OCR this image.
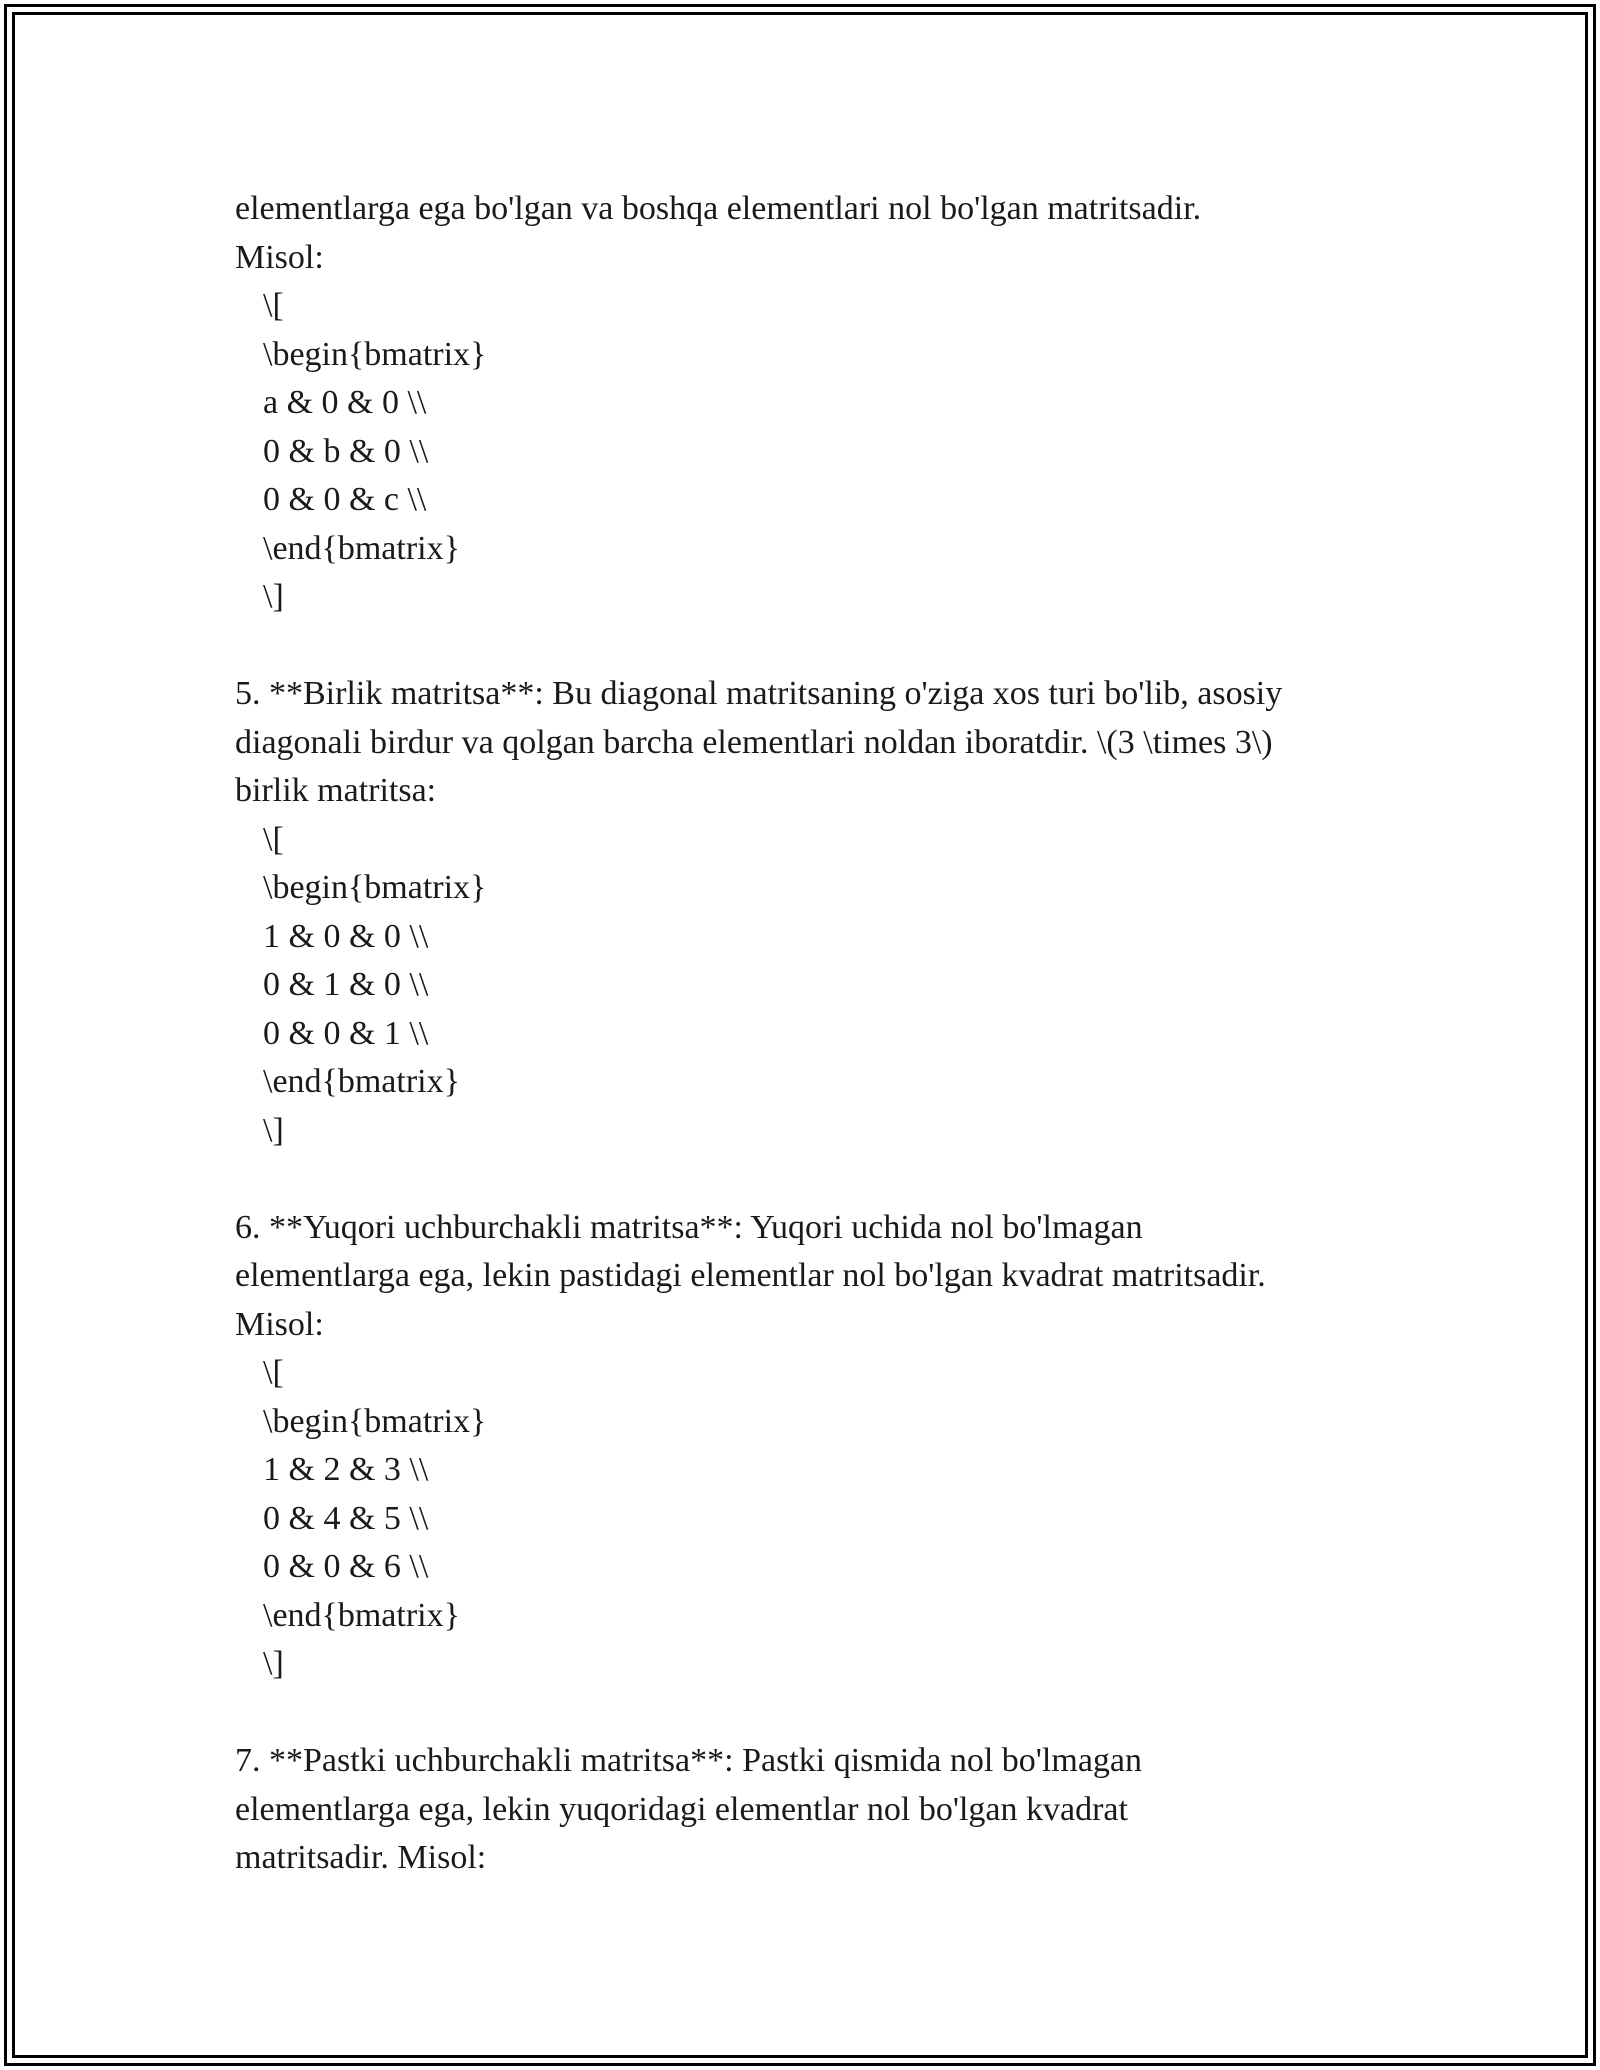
elementlarga ega bo'lgan va boshqa elementlari nol bo'lgan matritsadir.
Misol:
\[
\begin{bmatrix}
a & 0 & 0 \\
0 & b & 0 \\
0 & 0 & c \\
\end{bmatrix}
\]
5. **Birlik matritsa**: Bu diagonal matritsaning o'ziga xos turi bo'lib, asosiy
diagonali birdur va qolgan barcha elementlari noldan iboratdir. \(3 \times 3\)
birlik matritsa:
\[
\begin{bmatrix}
1 & 0 & 0 \\
0 & 1 & 0 \\
0 & 0 & 1 \\
\end{bmatrix}
\]
6. **Yuqori uchburchakli matritsa**: Yuqori uchida nol bo'lmagan
elementlarga ega, lekin pastidagi elementlar nol bo'lgan kvadrat matritsadir.
Misol:
\[
\begin{bmatrix}
1 & 2 & 3 \\
0 & 4 & 5 \\
0 & 0 & 6 \\
\end{bmatrix}
\]
7. **Pastki uchburchakli matritsa**: Pastki qismida nol bo'lmagan
elementlarga ega, lekin yuqoridagi elementlar nol bo'lgan kvadrat
matritsadir. Misol:
